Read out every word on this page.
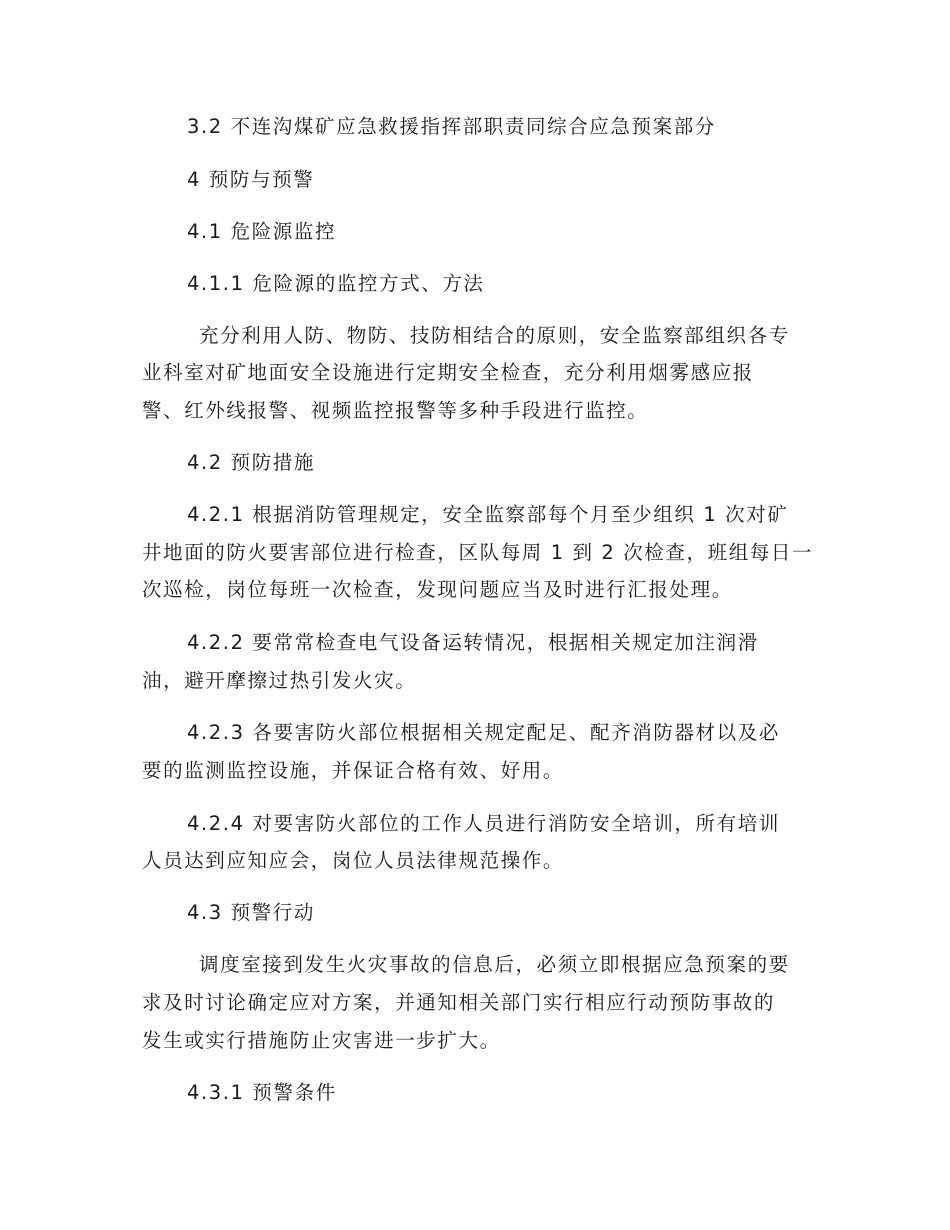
3.2 不连沟煤矿应急救援指挥部职责同综合应急预案部分
4 预防与预警
4.1 危险源监控
4.1.1 危险源的监控方式、方法
充分利用人防、物防、技防相结合的原则，安全监察部组织各专
业科室对矿地面安全设施进行定期安全检查，充分利用烟雾感应报
警、红外线报警、视频监控报警等多种手段进行监控。
4.2 预防措施
4.2.1 根据消防管理规定，安全监察部每个月至少组织 1 次对矿
井地面的防火要害部位进行检查，区队每周 1 到 2 次检查，班组每日一
次巡检，岗位每班一次检查，发现问题应当及时进行汇报处理。
4.2.2 要常常检查电气设备运转情况，根据相关规定加注润滑
油，避开摩擦过热引发火灾。
4.2.3 各要害防火部位根据相关规定配足、配齐消防器材以及必
要的监测监控设施，并保证合格有效、好用。
4.2.4 对要害防火部位的工作人员进行消防安全培训，所有培训
人员达到应知应会，岗位人员法律规范操作。
4.3 预警行动
调度室接到发生火灾事故的信息后，必须立即根据应急预案的要
求及时讨论确定应对方案，并通知相关部门实行相应行动预防事故的
发生或实行措施防止灾害进一步扩大。
4.3.1 预警条件
